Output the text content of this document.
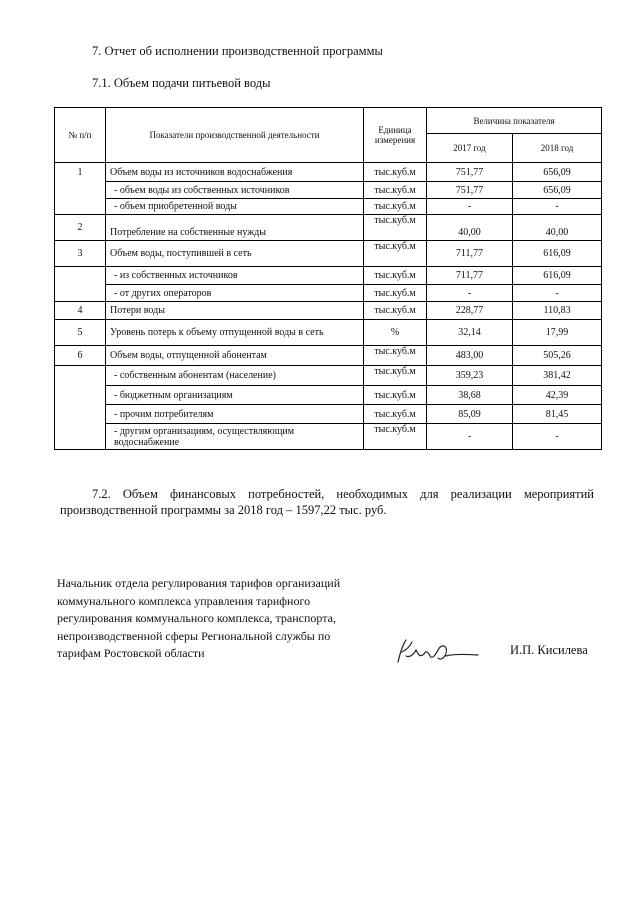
7. Отчет об исполнении производственной программы
7.1. Объем подачи питьевой воды
№ п/п	Показатели производственной деятельности	Единица измерения	Величина показателя	
			2017 год	2018 год
1	Объем воды из источников водоснабжения	тыс.куб.м	751,77	656,09
	- объем воды из собственных источников	тыс.куб.м	751,77	656,09
	- объем приобретенной воды	тыс.куб.м	-	-
2	Потребление на собственные нужды	тыс.куб.м	40,00	40,00
3	Объем воды, поступившей в сеть	тыс.куб.м	711,77	616,09
	- из собственных источников	тыс.куб.м	711,77	616,09
	- от других операторов	тыс.куб.м	-	-
4	Потери воды	тыс.куб.м	228,77	110,83
5	Уровень потерь к объему отпущенной воды в сеть	%	32,14	17,99
6	Объем воды, отпущенной абонентам	тыс.куб.м	483,00	505,26
	- собственным абонентам (население)	тыс.куб.м	359,23	381,42
	- бюджетным организациям	тыс.куб.м	38,68	42,39
	- прочим потребителям	тыс.куб.м	85,09	81,45
	- другим организациям, осуществляющим водоснабжение	тыс.куб.м	-	-
7.2. Объем финансовых потребностей, необходимых для реализации мероприятий
производственной программы за 2018 год – 1597,22 тыс. руб.
Начальник отдела регулирования тарифов организаций
коммунального комплекса управления тарифного
регулирования коммунального комплекса, транспорта,
непроизводственной сферы Региональной службы по
тарифам Ростовской области	И.П. Кисилева
